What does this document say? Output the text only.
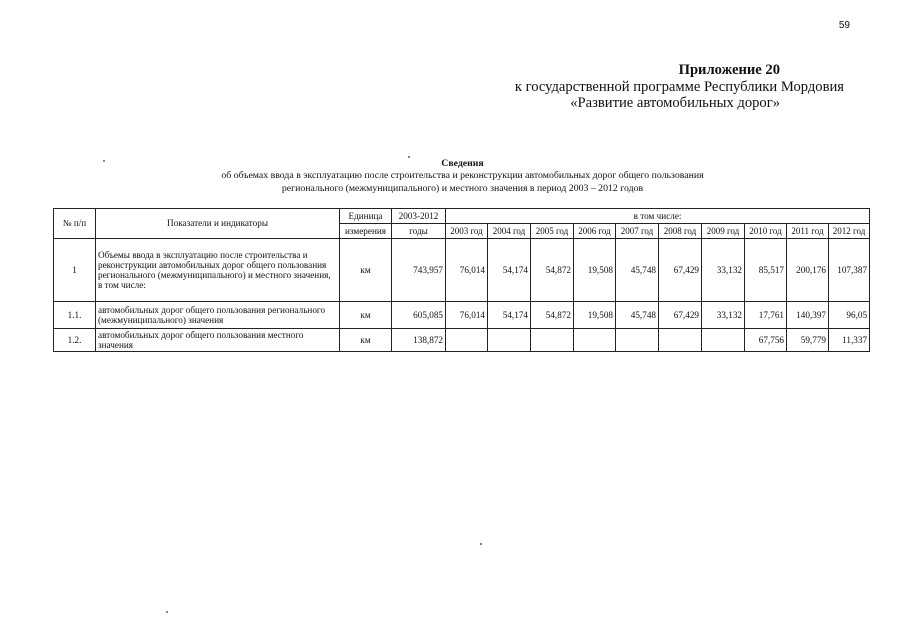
59
Приложение 20
к государственной программе Республики Мордовия
«Развитие автомобильных дорог»
Сведения
об объемах ввода в эксплуатацию после строительства и реконструкции автомобильных дорог общего пользования
регионального (межмуниципального) и местного значения в период 2003 – 2012 годов
№ п/п	Показатели и индикаторы	Единица	2003-2012	в том числе:									
		измерения	годы	2003 год	2004 год	2005 год	2006 год	2007 год	2008 год	2009 год	2010 год	2011 год	2012 год
1	Объемы ввода в эксплуатацию после строительства и реконструкции автомобильных дорог общего пользования регионального (межмуниципального) и местного значения, в том числе:	км	743,957	76,014	54,174	54,872	19,508	45,748	67,429	33,132	85,517	200,176	107,387
1.1.	автомобильных дорог общего пользования регионального (межмуниципального) значения	км	605,085	76,014	54,174	54,872	19,508	45,748	67,429	33,132	17,761	140,397	96,05
1.2.	автомобильных дорог общего пользования местного значения	км	138,872								67,756	59,779	11,337
